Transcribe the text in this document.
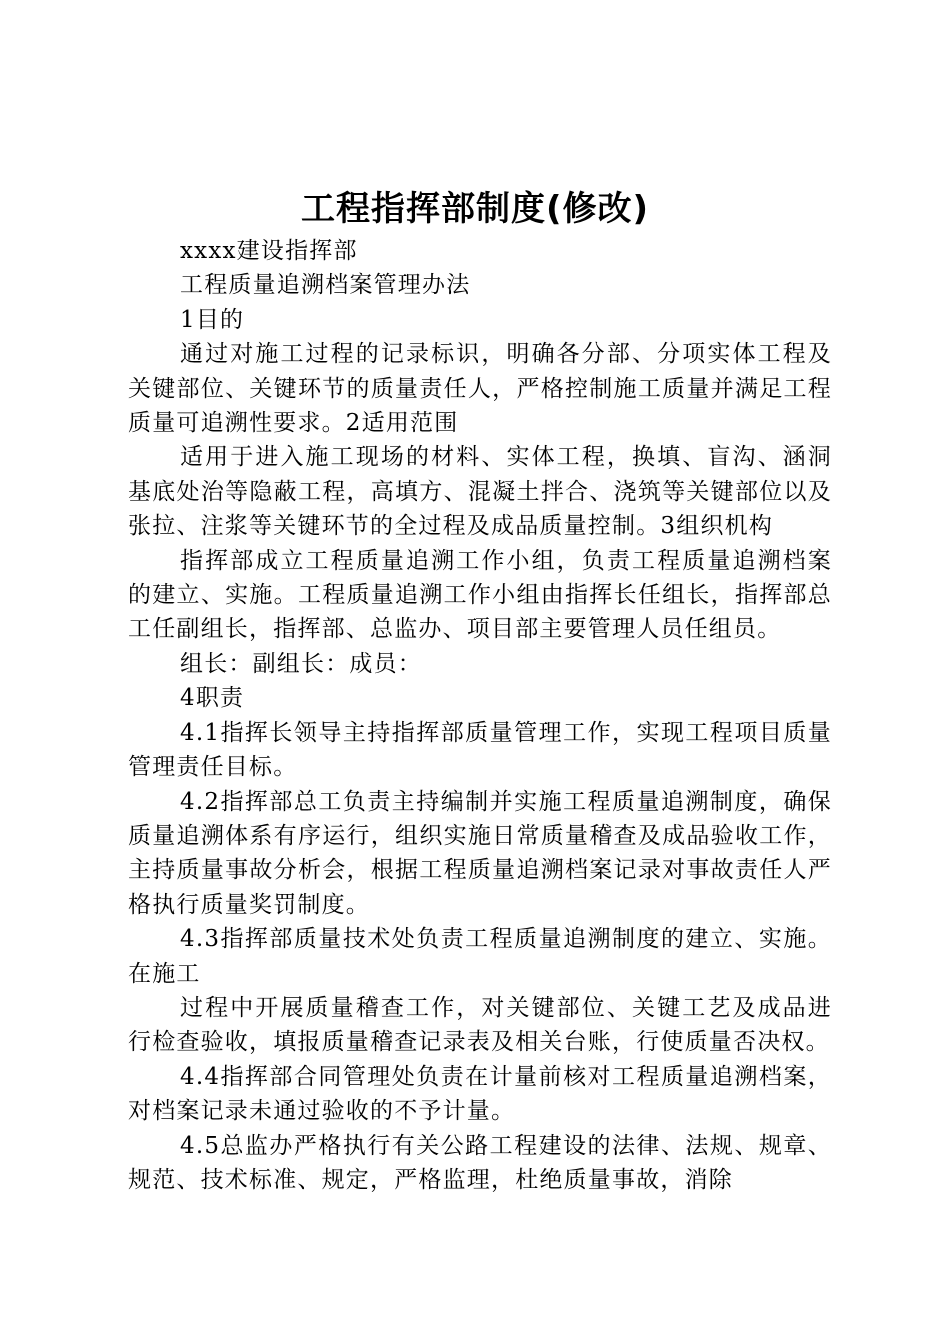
工程指挥部制度(修改)

xxxx建设指挥部

工程质量追溯档案管理办法

1目的

通过对施工过程的记录标识，明确各分部、分项实体工程及关键部位、关键环节的质量责任人，严格控制施工质量并满足工程质量可追溯性要求。2适用范围

适用于进入施工现场的材料、实体工程，换填、盲沟、涵洞基底处治等隐蔽工程，高填方、混凝土拌合、浇筑等关键部位以及张拉、注浆等关键环节的全过程及成品质量控制。3组织机构

指挥部成立工程质量追溯工作小组，负责工程质量追溯档案的建立、实施。工程质量追溯工作小组由指挥长任组长，指挥部总工任副组长，指挥部、总监办、项目部主要管理人员任组员。

组长：副组长：成员：

4职责

4.1指挥长领导主持指挥部质量管理工作，实现工程项目质量管理责任目标。

4.2指挥部总工负责主持编制并实施工程质量追溯制度，确保质量追溯体系有序运行，组织实施日常质量稽查及成品验收工作，主持质量事故分析会，根据工程质量追溯档案记录对事故责任人严格执行质量奖罚制度。

4.3指挥部质量技术处负责工程质量追溯制度的建立、实施。在施工

过程中开展质量稽查工作，对关键部位、关键工艺及成品进行检查验收，填报质量稽查记录表及相关台账，行使质量否决权。

4.4指挥部合同管理处负责在计量前核对工程质量追溯档案，对档案记录未通过验收的不予计量。

4.5总监办严格执行有关公路工程建设的法律、法规、规章、规范、技术标准、规定，严格监理，杜绝质量事故，消除
